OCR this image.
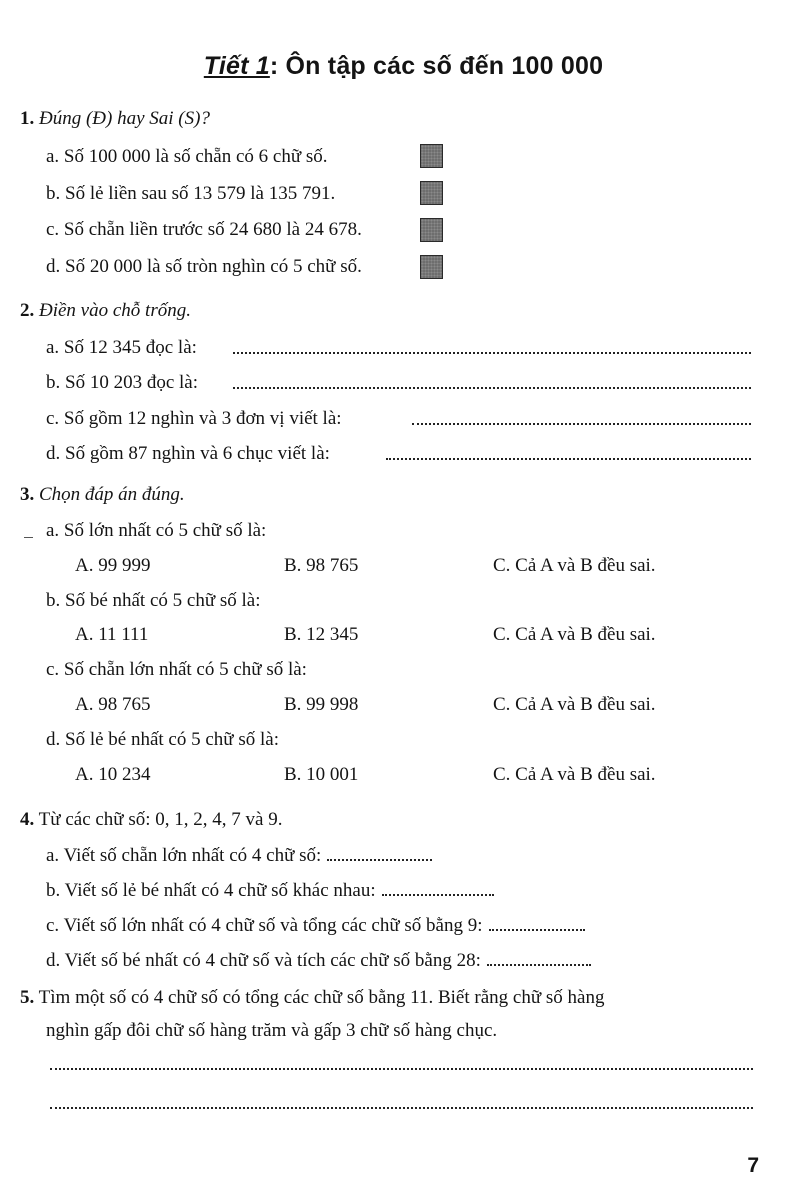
Tiết 1: Ôn tập các số đến 100 000
1. Đúng (Đ) hay Sai (S)?
a. Số 100 000 là số chẵn có 6 chữ số.
b. Số lẻ liền sau số 13 579 là 135 791.
c. Số chẵn liền trước số 24 680 là 24 678.
d. Số 20 000 là số tròn nghìn có 5 chữ số.
2. Điền vào chỗ trống.
a. Số 12 345 đọc là:
b. Số 10 203 đọc là:
c. Số gồm 12 nghìn và 3 đơn vị viết là:
d. Số gồm 87 nghìn và 6 chục viết là:
3. Chọn đáp án đúng.
a. Số lớn nhất có 5 chữ số là:
A. 99 999	B. 98 765	C. Cả A và B đều sai.
b. Số bé nhất có 5 chữ số là:
A. 11 111	B. 12 345	C. Cả A và B đều sai.
c. Số chẵn lớn nhất có 5 chữ số là:
A. 98 765	B. 99 998	C. Cả A và B đều sai.
d. Số lẻ bé nhất có 5 chữ số là:
A. 10 234	B. 10 001	C. Cả A và B đều sai.
4. Từ các chữ số: 0, 1, 2, 4, 7 và 9.
a. Viết số chẵn lớn nhất có 4 chữ số:
b. Viết số lẻ bé nhất có 4 chữ số khác nhau:
c. Viết số lớn nhất có 4 chữ số và tổng các chữ số bằng 9:
d. Viết số bé nhất có 4 chữ số và tích các chữ số bằng 28:
5. Tìm một số có 4 chữ số có tổng các chữ số bằng 11. Biết rằng chữ số hàng
nghìn gấp đôi chữ số hàng trăm và gấp 3 chữ số hàng chục.
7
